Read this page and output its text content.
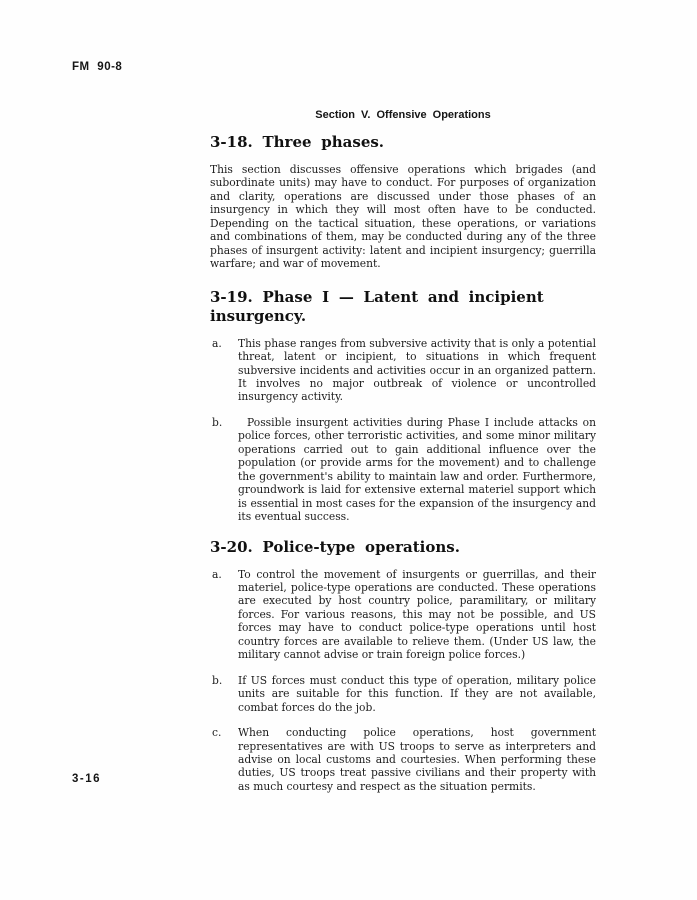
FM 90-8
Section V. Offensive Operations
3-18. Three phases.

This section discusses offensive operations which brigades (and subordinate units) may have to conduct. For purposes of organization and clarity, operations are discussed under those phases of an insurgency in which they will most often have to be conducted. Depending on the tactical situation, these operations, or variations and combinations of them, may be conducted during any of the three phases of insurgent activity: latent and incipient insurgency; guerrilla warfare; and war of movement.

3-19. Phase I — Latent and incipient insurgency.
a. This phase ranges from subversive activity that is only a potential threat, latent or incipient, to situations in which frequent subversive incidents and activities occur in an organized pattern. It involves no major outbreak of violence or uncontrolled insurgency activity.
b.	Possible insurgent activities during Phase I include attacks on police forces, other terroristic activities, and some minor military operations carried out to gain additional influence over the population (or provide arms for the movement) and to challenge the government's ability to maintain law and order. Furthermore, groundwork is laid for extensive external materiel support which is essential in most cases for the expansion of the insurgency and its eventual success.
3-20. Police-type operations.
a. To control the movement of insurgents or guerrillas, and their materiel, police-type operations are conducted. These operations are executed by host country police, paramilitary, or military forces. For various reasons, this may not be possible, and US forces may have to conduct police-type operations until host country forces are available to relieve them. (Under US law, the military cannot advise or train foreign police forces.)
b. If US forces must conduct this type of operation, military police units are suitable for this function. If they are not available, combat forces do the job.
c. When conducting police operations, host government representatives are with US troops to serve as interpreters and advise on local customs and courtesies. When performing these duties, US troops treat passive civilians and their property with as much courtesy and respect as the situation permits.
3-16
